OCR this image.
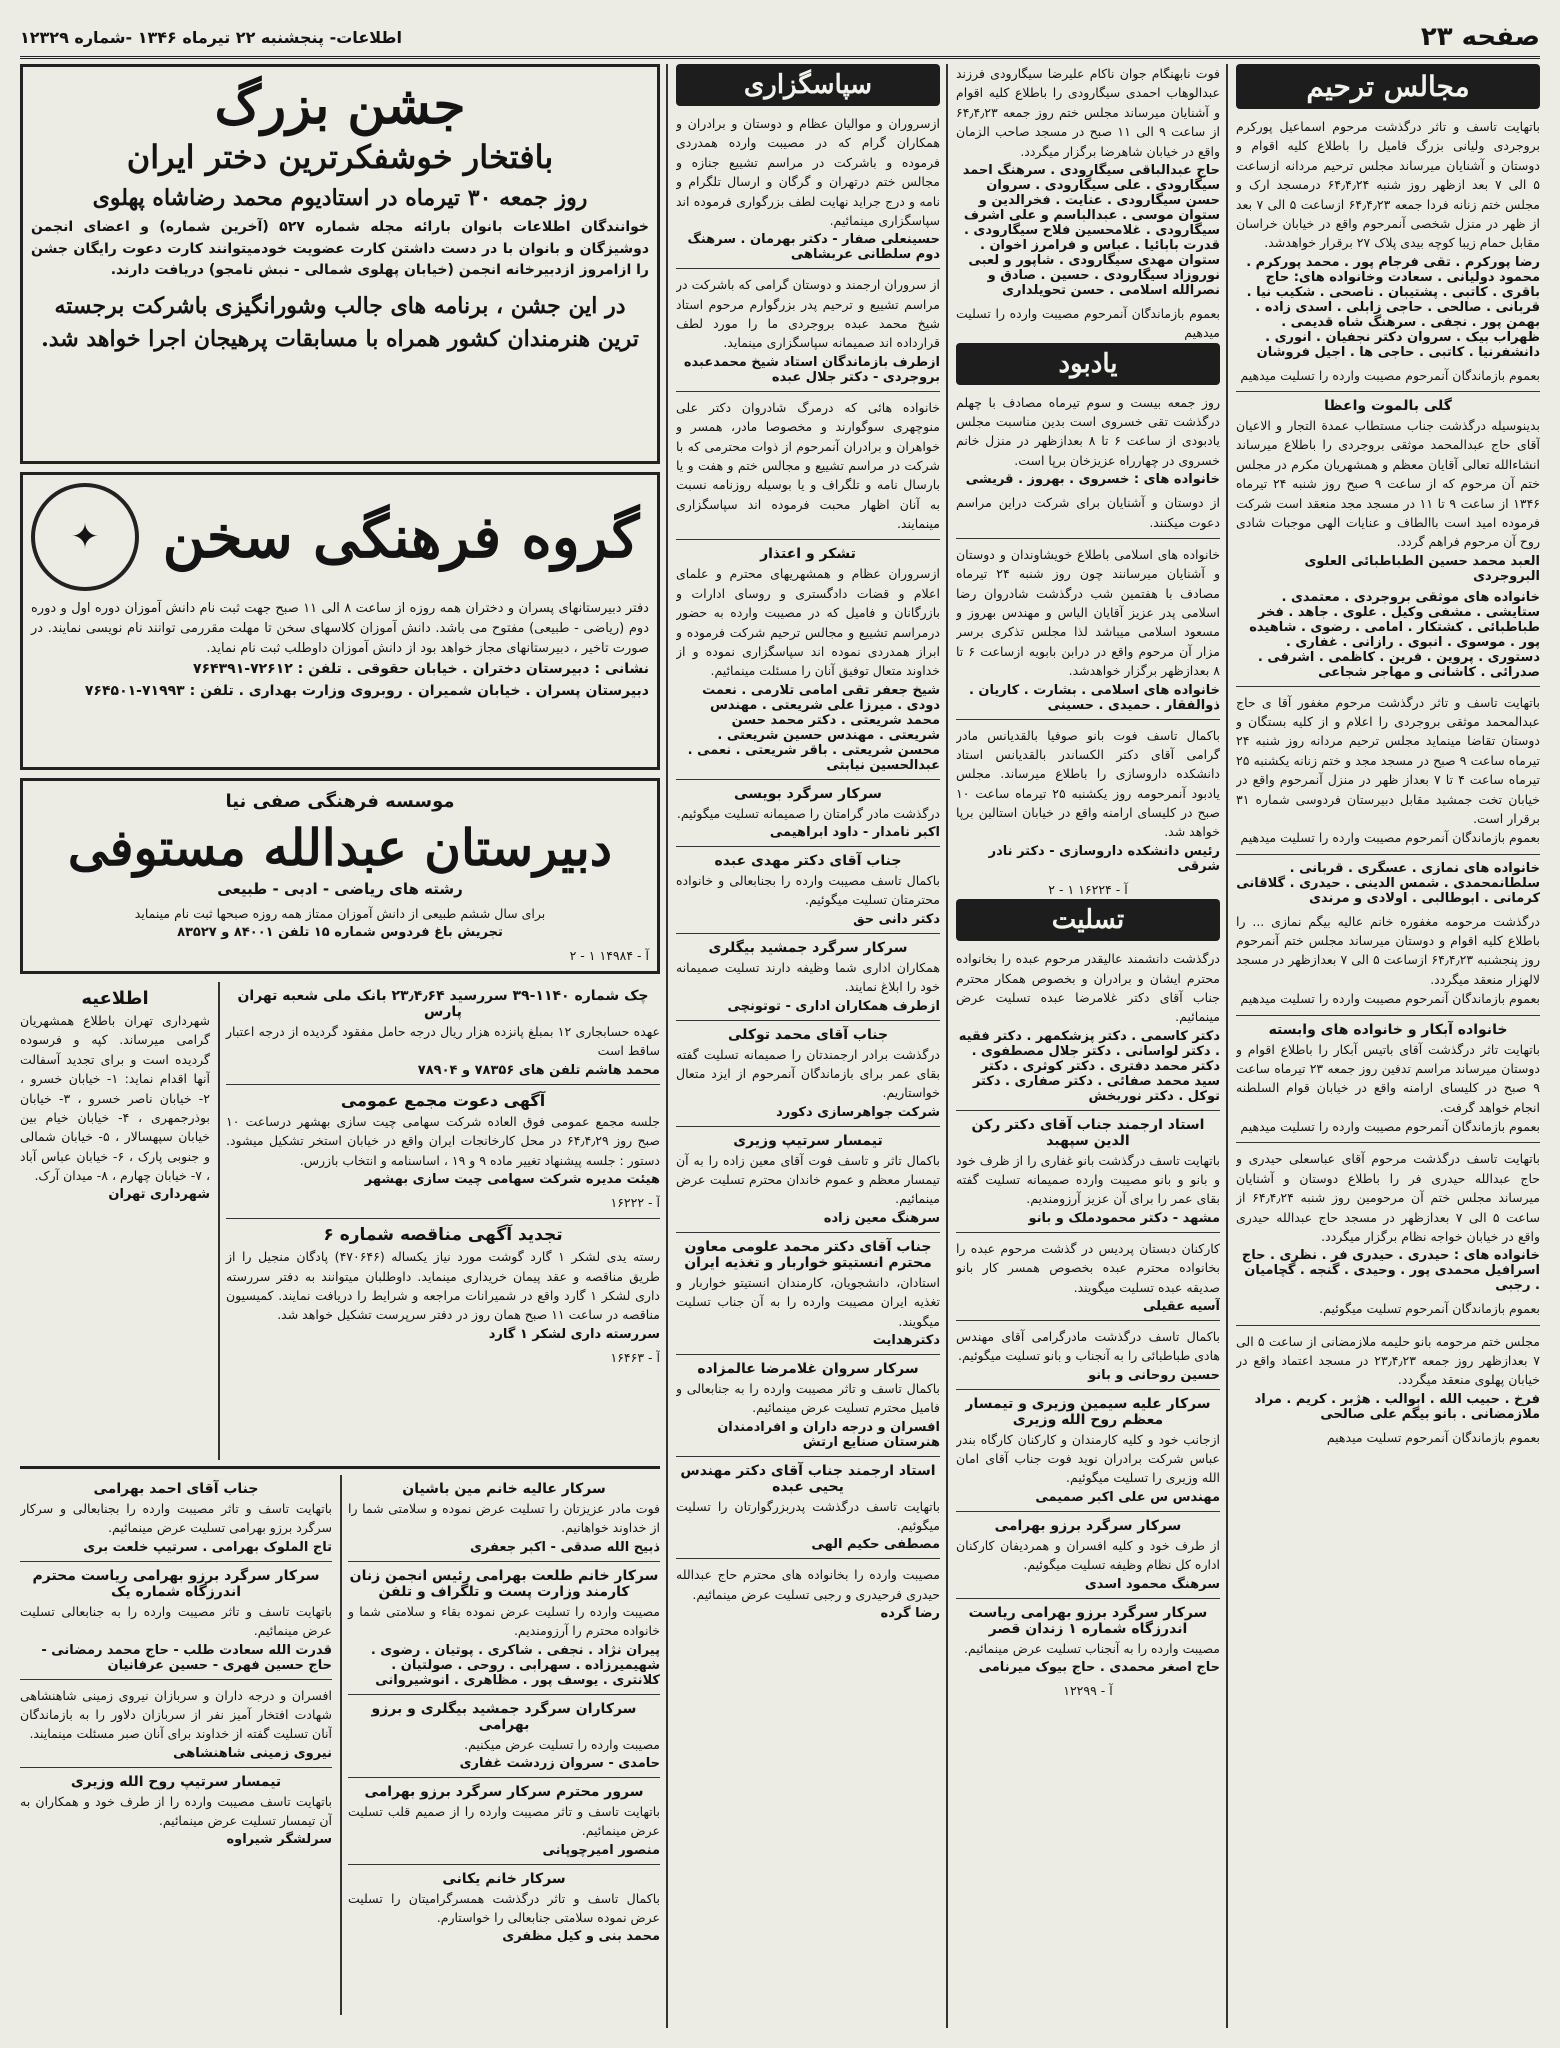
صفحه ۲۳
اطلاعات- پنجشنبه ۲۲ تیرماه ۱۳۴۶ -شماره ۱۲۳۲۹
مجالس ترحیم

باتهایت تاسف و تاثر درگذشت مرحوم اسماعیل پورکرم بروجردی ولیانی بزرگ فامیل را باطلاع کلیه اقوام و دوستان و آشنایان میرساند مجلس ترحیم مردانه ازساعت ۵ الی ۷ بعد ازظهر روز شنبه ۶۴٫۴٫۲۴ درمسجد ارک و مجلس ختم زنانه فردا جمعه ۶۴٫۴٫۲۳ ازساعت ۵ الی ۷ بعد از ظهر در منزل شخصی آنمرحوم واقع در خیابان خراسان مقابل حمام زیبا کوچه بیدی پلاک ۲۷ برقرار خواهدشد.

رضا پورکرم . تقی فرجام پور . محمد پورکرم . محمود دولیانی . سعادت وخانواده های: حاج باقری . کاتبی . پشتیبان . ناصحی . شکیب نیا . قربانی . صالحی . حاجی زابلی . اسدی زاده . بهمن پور . نجفی . سرهنگ شاه قدیمی . ظهراب بیک . سروان دکتر نجفیان . انوری . دانشفرنیا . کاتبی . حاجی ها . اجیل فروشان

بعموم بازماندگان آنمرحوم مصیبت وارده را تسلیت میدهیم

گلی بالموت واعظا

بدینوسیله درگذشت جناب مستطاب عمدة التجار و الاعیان آقای حاج عبدالمحمد موثقی بروجردی را باطلاع میرساند انشاءالله تعالی آقایان معظم و همشهریان مکرم در مجلس ختم آن مرحوم که از ساعت ۹ صبح روز شنبه ۲۴ تیرماه ۱۳۴۶ از ساعت ۹ تا ۱۱ در مسجد مجد منعقد است شرکت فرموده امید است باالطاف و عنایات الهی موجبات شادی روح آن مرحوم فراهم گردد.

العبد محمد حسین الطباطبائی العلوی البروجردی

خانواده های موثقی بروجردی . معتمدی . ستایشی . مشفی وکیل . علوی . جاهد . فخر طباطبائی . کشتکار . امامی . رضوی . شاهیده پور . موسوی . انبوی . رازانی . غفاری . دستوری . پروین . فرین . کاظمی . اشرفی . صدرائی . کاشانی و مهاجر شجاعی

باتهایت تاسف و تاثر درگذشت مرحوم مغفور آقا ی حاج عبدالمحمد موثقی بروجردی را اعلام و از کلیه بستگان و دوستان تقاضا مینماید مجلس ترحیم مردانه روز شنبه ۲۴ تیرماه ساعت ۹ صبح در مسجد مجد و ختم زنانه یکشنبه ۲۵ تیرماه ساعت ۴ تا ۷ بعداز ظهر در منزل آنمرحوم واقع در خیابان تخت جمشید مقابل دبیرستان فردوسی شماره ۳۱ برقرار است.

بعموم بازماندگان آنمرحوم مصیبت وارده را تسلیت میدهیم

خانواده های نمازی . عسگری . قربانی . سلطانمحمدی . شمس الدینی . حیدری . گلاقانی کرمانی . ابوطالبی . اولادی و مرندی

درگذشت مرحومه مغفوره خانم عالیه بیگم نمازی ... را باطلاع کلیه اقوام و دوستان میرساند مجلس ختم آنمرحوم روز پنجشنبه ۶۴٫۴٫۲۳ ازساعت ۵ الی ۷ بعدازظهر در مسجد لالهزار منعقد میگردد.

بعموم بازماندگان آنمرحوم مصیبت وارده را تسلیت میدهیم

خانواده آبکار و خانواده های وابسته

باتهایت تاثر درگذشت آقای باتیس آبکار را باطلاع اقوام و دوستان میرساند مراسم تدفین روز جمعه ۲۳ تیرماه ساعت ۹ صبح در کلیسای ارامنه واقع در خیابان قوام السلطنه انجام خواهد گرفت.

بعموم بازماندگان آنمرحوم مصیبت وارده را تسلیت میدهیم

باتهایت تاسف درگذشت مرحوم آقای عباسعلی حیدری و حاج عبدالله حیدری فر را باطلاع دوستان و آشنایان میرساند مجلس ختم آن مرحومین روز شنبه ۶۴٫۴٫۲۴ از ساعت ۵ الی ۷ بعدازظهر در مسجد حاج عبدالله حیدری واقع در خیابان خواجه نظام برگزار میگردد.

خانواده های : حیدری . حیدری فر . نظری . حاج اسرافیل محمدی پور . وحیدی . گنجه . گچامیان . رجبی

بعموم بازماندگان آنمرحوم تسلیت میگوئیم.

مجلس ختم مرحومه بانو حلیمه ملازمضانی از ساعت ۵ الی ۷ بعدازظهر روز جمعه ۲۳٫۴٫۲۳ در مسجد اعتماد واقع در خیابان پهلوی منعقد میگردد.

فرخ . حبیب الله . ابوالب . هژبر . کریم . مراد ملازمضانی . بانو بیگم علی صالحی

بعموم بازماندگان آنمرحوم تسلیت میدهیم

فوت نابهنگام جوان ناکام علیرضا سیگارودی فرزند عبدالوهاب احمدی سیگارودی را باطلاع کلیه اقوام و آشنایان میرساند مجلس ختم روز جمعه ۶۴٫۴٫۲۳ از ساعت ۹ الی ۱۱ صبح در مسجد صاحب الزمان واقع در خیابان شاهرضا برگزار میگردد.

حاج عبدالباقی سیگارودی . سرهنگ احمد سیگارودی . علی سیگارودی . سروان حسن سیگارودی . عنایت . فخرالدین و ستوان موسی . عبدالباسم و علی اشرف سیگارودی . غلامحسین فلاح سیگارودی . قدرت بابائیا . عباس و فرامرز اخوان . ستوان مهدی سیگارودی . شاپور و لعبی نوروزاد سیگارودی . حسین . صادق و نصرالله اسلامی . حسن تحویلداری

بعموم بازماندگان آنمرحوم مصیبت وارده را تسلیت میدهیم

یادبود

روز جمعه بیست و سوم تیرماه مصادف با چهلم درگذشت تقی خسروی است بدین مناسبت مجلس یادبودی از ساعت ۶ تا ۸ بعدازظهر در منزل خانم خسروی در چهارراه عزیزخان برپا است.

خانواده های : خسروی . بهروز . قریشی

از دوستان و آشنایان برای شرکت دراین مراسم دعوت میکنند.

خانواده های اسلامی باطلاع خویشاوندان و دوستان و آشنایان میرسانند چون روز شنبه ۲۴ تیرماه مصادف با هفتمین شب درگذشت شادروان رضا اسلامی پدر عزیز آقایان الیاس و مهندس بهروز و مسعود اسلامی میباشد لذا مجلس تذکری برسر مزار آن مرحوم واقع در درابن بابویه ازساعت ۶ تا ۸ بعدازظهر برگزار خواهدشد.

خانواده های اسلامی . بشارت . کاریان . ذوالفقار . حمیدی . حسینی

باکمال تاسف فوت بانو صوفیا بالقدیانس مادر گرامی آقای دکتر الکساندر بالقدیانس استاد دانشکده داروسازی را باطلاع میرساند. مجلس یادبود آنمرحومه روز یکشنبه ۲۵ تیرماه ساعت ۱۰ صبح در کلیسای ارامنه واقع در خیابان استالین برپا خواهد شد.

رئیس دانشکده داروسازی - دکتر نادر شرقی

آ - ۱۶۲۲۴ ۱ - ۲

تسلیت

درگذشت دانشمند عالیقدر مرحوم عبده را بخانواده محترم ایشان و برادران و بخصوص همکار محترم جناب آقای دکتر غلامرضا عبده تسلیت عرض مینمائیم.

دکتر کاسمی . دکتر پزشکمهر . دکتر فقیه . دکتر لواسانی . دکتر جلال مصطفوی . دکتر محمد دفتری . دکتر کوثری . دکتر سید محمد صفائی . دکتر صفاری . دکتر توکل . دکتر نوربخش

استاد ارجمند جناب آقای دکتر رکن الدین سپهبد

باتهایت تاسف درگذشت بانو غفاری را از ظرف خود و بانو و بانو مصیبت وارده صمیمانه تسلیت گفته بقای عمر را برای آن عزیز آرزومندیم.

مشهد - دکتر محمودملک و بانو

کارکنان دبستان پردیس در گذشت مرحوم عبده را بخانواده محترم عبده بخصوص همسر کار بانو صدیقه عبده تسلیت میگویند.

آسیه عقیلی

باکمال تاسف درگذشت مادرگرامی آقای مهندس هادی طباطبائی را به آنجناب و بانو تسلیت میگوئیم.

حسین روحانی و بانو

سرکار علیه سیمین وزیری و تیمسار معظم روح الله وزیری

ازجانب خود و کلیه کارمندان و کارکنان کارگاه بندر عباس شرکت برادران نوید فوت جناب آقای امان الله وزیری را تسلیت میگوئیم.

مهندس س علی اکبر صمیمی

سرکار سرگرد برزو بهرامی

از طرف خود و کلیه افسران و همردیفان کارکنان اداره کل نظام وظیفه تسلیت میگوئیم.

سرهنگ محمود اسدی

سرکار سرگرد برزو بهرامی ریاست اندرزگاه شماره ۱ زندان قصر

مصیبت وارده را به آنجناب تسلیت عرض مینمائیم.

حاج اصغر محمدی . حاج بیوک میرنامی

آ - ۱۲۲۹۹

سپاسگزاری

ازسروران و موالیان عظام و دوستان و برادران و همکاران گرام که در مصیبت وارده همدردی فرموده و باشرکت در مراسم تشییع جنازه و مجالس ختم درتهران و گرگان و ارسال تلگرام و نامه و درج جراید نهایت لطف بزرگواری فرموده اند سپاسگزاری مینمائیم.

حسینعلی صفار - دکتر بهرمان . سرهنگ دوم سلطانی عربشاهی

از سروران ارجمند و دوستان گرامی که باشرکت در مراسم تشییع و ترحیم پدر بزرگوارم مرحوم استاد شیخ محمد عبده بروجردی ما را مورد لطف قرارداده اند صمیمانه سپاسگزاری مینماید.

ازطرف بازماندگان استاد شیخ محمدعبده بروجردی - دکتر جلال عبده

خانواده هائی که درمرگ شادروان دکتر علی منوچهری سوگوارند و مخصوصا مادر، همسر و خواهران و برادران آنمرحوم از ذوات محترمی که با شرکت در مراسم تشییع و مجالس ختم و هفت و یا بارسال نامه و تلگراف و یا بوسیله روزنامه نسبت به آنان اظهار محبت فرموده اند سپاسگزاری مینمایند.

تشکر و اعتذار

ازسروران عظام و همشهریهای محترم و علمای اعلام و قضات دادگستری و روسای ادارات و بازرگانان و فامیل که در مصیبت وارده به حضور درمراسم تشییع و مجالس ترحیم شرکت فرموده و ابراز همدردی نموده اند سپاسگزاری نموده و از خداوند متعال توفیق آنان را مسئلت مینمائیم.

شیخ جعفر تقی امامی تلارمی . نعمت دودی . میرزا علی شریعتی . مهندس محمد شریعتی . دکتر محمد حسن شریعتی . مهندس حسین شریعتی . محسن شریعتی . باقر شریعتی . نعمی . عبدالحسین نیابتی

سرکار سرگرد بویسی

درگذشت مادر گرامتان را صمیمانه تسلیت میگوئیم.

اکبر نامدار - داود ابراهیمی

جناب آقای دکتر مهدی عبده

باکمال تاسف مصیبت وارده را بجنابعالی و خانواده محترمتان تسلیت میگوئیم.

دکتر دانی حق

سرکار سرگرد جمشید بیگلری

همکاران اداری شما وظیفه دارند تسلیت صمیمانه خود را ابلاغ نمایند.

ازطرف همکاران اداری - توتونچی

جناب آقای محمد توکلی

درگذشت برادر ارجمندتان را صمیمانه تسلیت گفته بقای عمر برای بازماندگان آنمرحوم از ایزد متعال خواستاریم.

شرکت جواهرسازی دکورد

تیمسار سرتیپ وزیری

باکمال تاثر و تاسف فوت آقای معین زاده را به آن تیمسار معظم و عموم خاندان محترم تسلیت عرض مینمائیم.

سرهنگ معین زاده

جناب آقای دکتر محمد علومی معاون محترم انستیتو خواربار و تغذیه ایران

استادان، دانشجویان، کارمندان انستیتو خواربار و تغذیه ایران مصیبت وارده را به آن جناب تسلیت میگویند.

دکترهدایت

سرکار سروان غلامرضا عالمزاده

باکمال تاسف و تاثر مصیبت وارده را به جنابعالی و فامیل محترم تسلیت عرض مینمائیم.

افسران و درجه داران و افرادمندان هنرستان صنایع ارتش

استاد ارجمند جناب آقای دکتر مهندس یحیی عبده

باتهایت تاسف درگذشت پدربزرگوارتان را تسلیت میگوئیم.

مصطفی حکیم الهی

مصیبت وارده را بخانواده های محترم حاج عبدالله حیدری فرحیدری و رجبی تسلیت عرض مینمائیم.

رضا گرده

جشن بزرگ
بافتخار خوشفکرترین دختر ایران
روز جمعه ۳۰ تیرماه در استادیوم محمد رضاشاه پهلوی

خوانندگان اطلاعات بانوان بارائه مجله شماره ۵۲۷ (آخرین شماره) و اعضای انجمن دوشیزگان و بانوان با در دست داشتن کارت عضویت خودمیتوانند کارت دعوت رایگان جشن را ازامروز ازدبیرخانه انجمن (خیابان پهلوی شمالی - نبش نامجو) دریافت دارند.

در این جشن ، برنامه های جالب وشورانگیزی باشرکت برجسته ترین هنرمندان کشور همراه با مسابقات پرهیجان اجرا خواهد شد.

گروه فرهنگی سخن
✦

دفتر دبیرستانهای پسران و دختران همه روزه از ساعت ۸ الی ۱۱ صبح جهت ثبت نام دانش آموزان دوره اول و دوره دوم (ریاضی - طبیعی) مفتوح می باشد. دانش آموزان کلاسهای سخن تا مهلت مقررمی توانند نام نویسی نمایند. در صورت تاخیر ، دبیرستانهای مجاز خواهد بود از دانش آموزان داوطلب ثبت نام نماید.

نشانی : دبیرستان دختران . خیابان حقوقی . تلفن : ۷۲۶۱۲-۷۶۴۳۹۱

دبیرستان پسران . خیابان شمیران . روبروی وزارت بهداری . تلفن : ۷۱۹۹۳-۷۶۴۵۰۱

موسسه فرهنگی صفی نیا
دبیرستان عبدالله مستوفی
رشته های ریاضی - ادبی - طبیعی

برای سال ششم طبیعی از دانش آموزان ممتاز همه روزه صبحها ثبت نام مینماید

تجریش باغ فردوس شماره ۱۵ تلفن ۸۴۰۰۱ و ۸۳۵۲۷

آ - ۱۴۹۸۴ ۱ - ۲

چک شماره ۱۱۴۰-۳۹ سررسید ۲۳٫۴٫۶۴ بانک ملی شعبه تهران پارس

عهده حسابجاری ۱۲ بمبلغ پانزده هزار ریال درجه حامل مفقود گردیده از درجه اعتبار ساقط است

محمد هاشم تلفن های ۷۸۳۵۶ و ۷۸۹۰۴

آگهی دعوت مجمع عمومی

جلسه مجمع عمومی فوق العاده شرکت سهامی چیت سازی بهشهر درساعت ۱۰ صبح روز ۶۴٫۴٫۲۹ در محل کارخانجات ایران واقع در خیابان استخر تشکیل میشود. دستور : جلسه پیشنهاد تغییر ماده ۹ و ۱۹ ، اساسنامه و انتخاب بازرس.

هیئت مدیره شرکت سهامی چیت سازی بهشهر

آ - ۱۶۲۲۲

تجدید آگهی مناقصه شماره ۶

رسته یدی لشکر ۱ گارد گوشت مورد نیاز یکساله (۴۷۰۶۴۶) پادگان منجیل را از طریق مناقصه و عقد پیمان خریداری مینماید. داوطلبان میتوانند به دفتر سررسته داری لشکر ۱ گارد واقع در شمیرانات مراجعه و شرایط را دریافت نمایند. کمیسیون مناقصه در ساعت ۱۱ صبح همان روز در دفتر سرپرست تشکیل خواهد شد.

سررسته داری لشکر ۱ گارد

آ - ۱۶۴۶۳

اطلاعیه

شهرداری تهران باطلاع همشهریان گرامی میرساند. کپه و فرسوده گردیده است و برای تجدید آسفالت آنها اقدام نماید: ۱- خیابان خسرو ، ۲- خیابان ناصر خسرو ، ۳- خیابان بوذرجمهری ، ۴- خیابان خیام بین خیابان سپهسالار ، ۵- خیابان شمالی و جنوبی پارک ، ۶- خیابان عباس آباد ، ۷- خیابان چهارم ، ۸- میدان آرک.

شهرداری تهران

سرکار عالیه خانم مین باشیان

فوت مادر عزیزتان را تسلیت عرض نموده و سلامتی شما را از خداوند خواهانیم.

ذبیح الله صدقی - اکبر جعفری

سرکار خانم طلعت بهرامی رئیس انجمن زنان کارمند وزارت پست و تلگراف و تلفن

مصیبت وارده را تسلیت عرض نموده بقاء و سلامتی شما و خانواده محترم را آرزومندیم.

پیران نژاد . نجفی . شاکری . پوتیان . رضوی . شهیمیرزاده . سهرابی . روحی . صولتیان . کلانتری . یوسف پور . مظاهری . انوشیروانی

سرکاران سرگرد جمشید بیگلری و برزو بهرامی

مصیبت وارده را تسلیت عرض میکنیم.

حامدی - سروان زردشت غفاری

سرور محترم سرکار سرگرد برزو بهرامی

باتهایت تاسف و تاثر مصیبت وارده را از صمیم قلب تسلیت عرض مینمائیم.

منصور امیرچوپانی

سرکار خانم یکانی

باکمال تاسف و تاثر درگذشت همسرگرامیتان را تسلیت عرض نموده سلامتی جنابعالی را خواستارم.

محمد بنی و کیل مظفری

جناب آقای احمد بهرامی

باتهایت تاسف و تاثر مصیبت وارده را بجنابعالی و سرکار سرگرد برزو بهرامی تسلیت عرض مینمائیم.

تاج الملوک بهرامی . سرتیپ خلعت بری

سرکار سرگرد برزو بهرامی ریاست محترم اندرزگاه شماره یک

باتهایت تاسف و تاثر مصیبت وارده را به جنابعالی تسلیت عرض مینمائیم.

قدرت الله سعادت طلب - حاج محمد رمضانی - حاج حسین فهری - حسین عرفانیان

افسران و درجه داران و سربازان نیروی زمینی شاهنشاهی شهادت افتخار آمیز نفر از سربازان دلاور را به بازماندگان آنان تسلیت گفته از خداوند برای آنان صبر مسئلت مینمایند.

نیروی زمینی شاهنشاهی

تیمسار سرتیپ روح الله وزیری

باتهایت تاسف مصیبت وارده را از طرف خود و همکاران به آن تیمسار تسلیت عرض مینمائیم.

سرلشگر شیراوه
